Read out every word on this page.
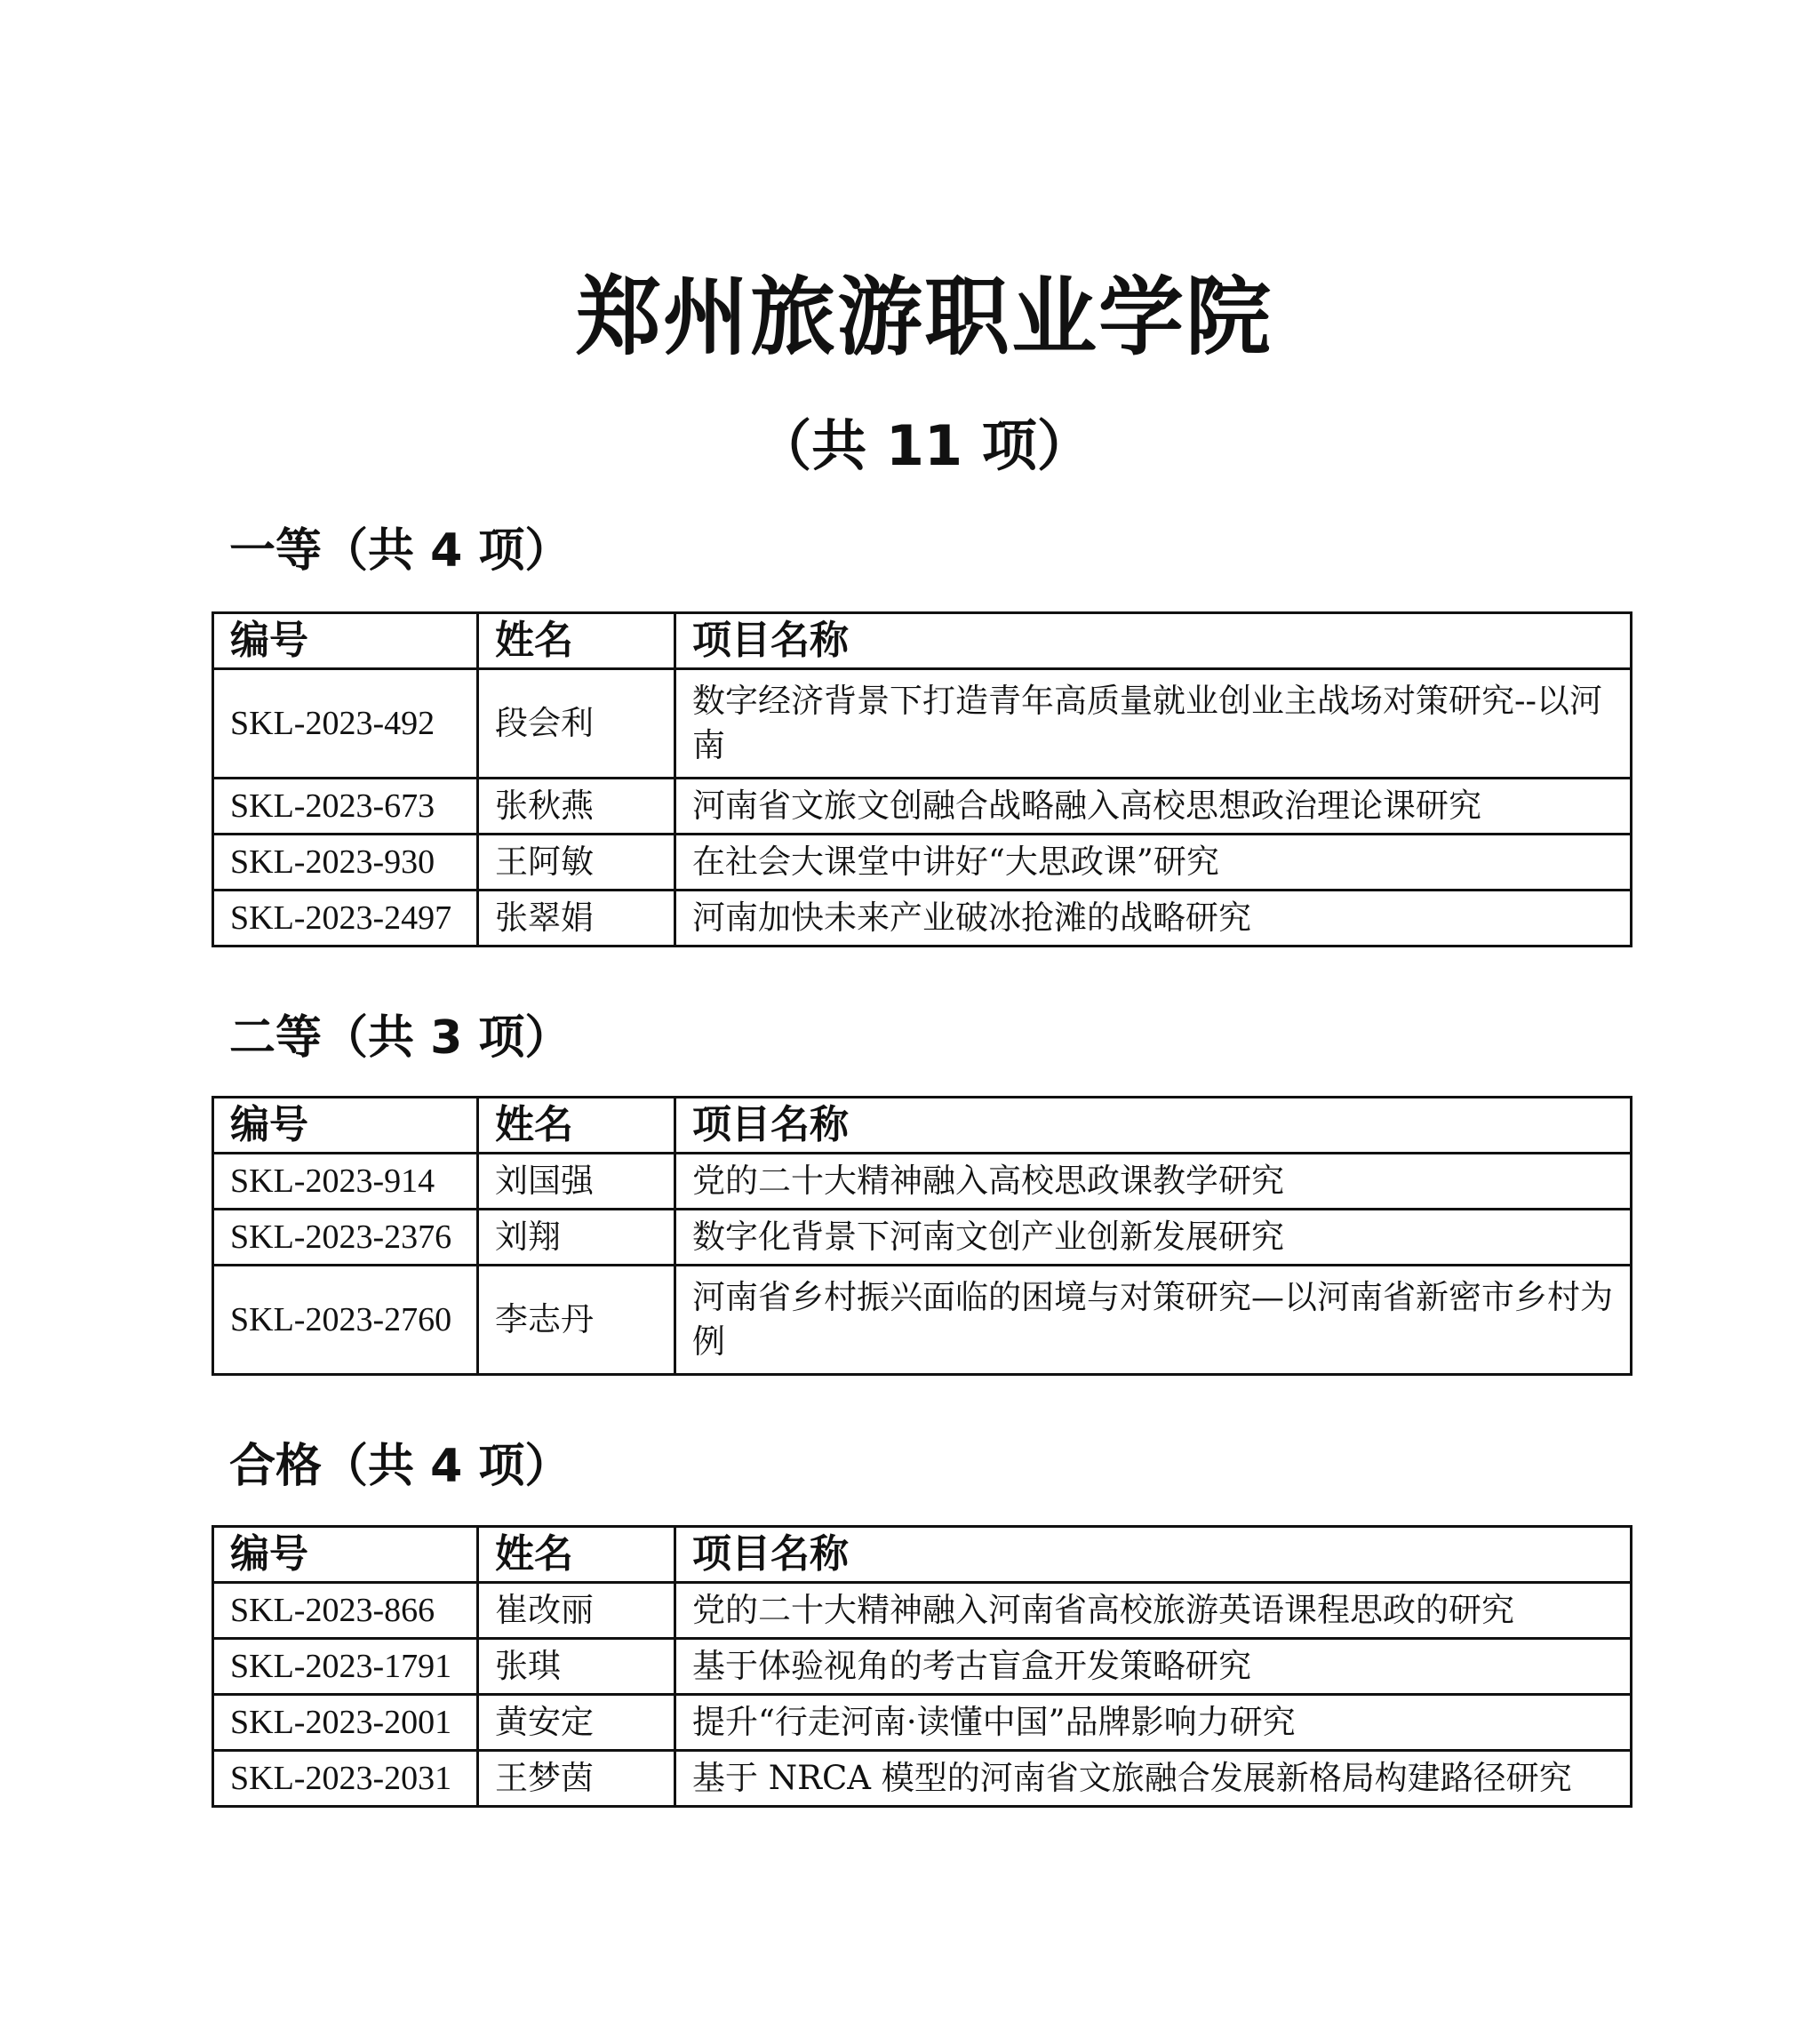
郑州旅游职业学院
（共 11 项）
一等（共 4 项）
编号	姓名	项目名称
SKL-2023-492	段会利	数字经济背景下打造青年高质量就业创业主战场对策研究--以河南
SKL-2023-673	张秋燕	河南省文旅文创融合战略融入高校思想政治理论课研究
SKL-2023-930	王阿敏	在社会大课堂中讲好“大思政课”研究
SKL-2023-2497	张翠娟	河南加快未来产业破冰抢滩的战略研究
二等（共 3 项）
编号	姓名	项目名称
SKL-2023-914	刘国强	党的二十大精神融入高校思政课教学研究
SKL-2023-2376	刘翔	数字化背景下河南文创产业创新发展研究
SKL-2023-2760	李志丹	河南省乡村振兴面临的困境与对策研究—以河南省新密市乡村为例
合格（共 4 项）
编号	姓名	项目名称
SKL-2023-866	崔改丽	党的二十大精神融入河南省高校旅游英语课程思政的研究
SKL-2023-1791	张琪	基于体验视角的考古盲盒开发策略研究
SKL-2023-2001	黄安定	提升“行走河南·读懂中国”品牌影响力研究
SKL-2023-2031	王梦茵	基于 NRCA 模型的河南省文旅融合发展新格局构建路径研究
